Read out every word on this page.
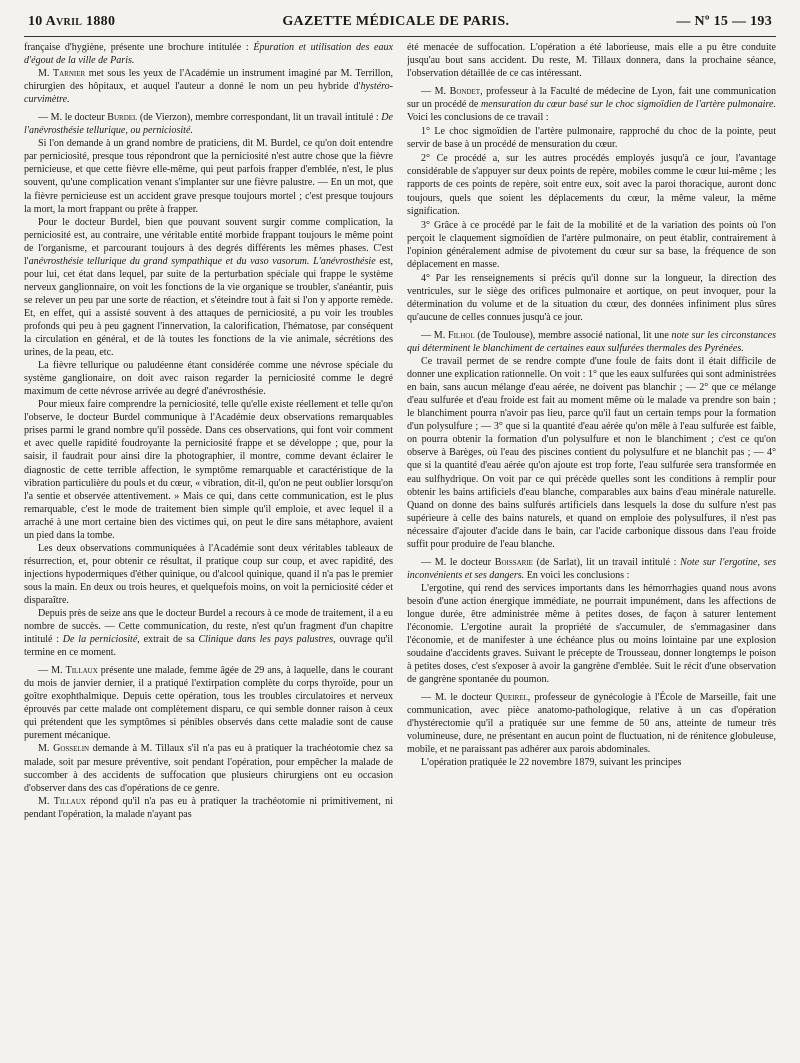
10 Avril 1880	GAZETTE MÉDICALE DE PARIS.	— Nº 15 — 193

française d'hygiène, présente une brochure intitulée : Épuration et utilisation des eaux d'égout de la ville de Paris.

M. Tarnier met sous les yeux de l'Académie un instrument imaginé par M. Terrillon, chirurgien des hôpitaux, et auquel l'auteur a donné le nom un peu hybride d'hystéro-curvimètre.

— M. le docteur Burdel (de Vierzon), membre correspondant, lit un travail intitulé : De l'anévrosthésie tellurique, ou perniciosité.

Si l'on demande à un grand nombre de praticiens, dit M. Burdel, ce qu'on doit entendre par perniciosité, presque tous répondront que la perniciosité n'est autre chose que la fièvre pernicieuse, et que cette fièvre elle-même, qui peut parfois frapper d'emblée, n'est, le plus souvent, qu'une complication venant s'implanter sur une fièvre palustre. — En un mot, que la fièvre pernicieuse est un accident grave presque toujours mortel ; c'est presque toujours la mort, la mort frappant ou prête à frapper.

Pour le docteur Burdel, bien que pouvant souvent surgir comme complication, la perniciosité est, au contraire, une véritable entité morbide frappant toujours le même point de l'organisme, et parcourant toujours à des degrés différents les mêmes phases. C'est l'anévrosthésie tellurique du grand sympathique et du vaso vasorum. L'anévrosthésie est, pour lui, cet état dans lequel, par suite de la perturbation spéciale qui frappe le système nerveux ganglionnaire, on voit les fonctions de la vie organique se troubler, s'anéantir, puis se relever un peu par une sorte de réaction, et s'éteindre tout à fait si l'on y apporte remède. Et, en effet, qui a assisté souvent à des attaques de perniciosité, a pu voir les troubles profonds qui peu à peu gagnent l'innervation, la calorification, l'hématose, par conséquent la circulation en général, et de là toutes les fonctions de la vie animale, sécrétions des urines, de la peau, etc.

La fièvre tellurique ou paludéenne étant considérée comme une névrose spéciale du système ganglionaire, on doit avec raison regarder la perniciosité comme le degré maximum de cette névrose arrivée au degré d'anévrosthésie.

Pour mieux faire comprendre la perniciosité, telle qu'elle existe réellement et telle qu'on l'observe, le docteur Burdel communique à l'Académie deux observations remarquables prises parmi le grand nombre qu'il possède. Dans ces observations, qui font voir comment et avec quelle rapidité foudroyante la perniciosité frappe et se développe ; que, pour la saisir, il faudrait pour ainsi dire la photographier, il montre, comme devant éclairer le diagnostic de cette terrible affection, le symptôme remarquable et caractéristique de la vibration particulière du pouls et du cœur, « vibration, dit-il, qu'on ne peut oublier lorsqu'on l'a sentie et observée attentivement. » Mais ce qui, dans cette communication, est le plus remarquable, c'est le mode de traitement bien simple qu'il emploie, et avec lequel il a arraché à une mort certaine bien des victimes qui, on peut le dire sans métaphore, avaient un pied dans la tombe.

Les deux observations communiquées à l'Académie sont deux véritables tableaux de résurrection, et, pour obtenir ce résultat, il pratique coup sur coup, et avec rapidité, des injections hypodermiques d'éther quinique, ou d'alcool quinique, quand il n'a pas le premier sous la main. En deux ou trois heures, et quelquefois moins, on voit la perniciosité céder et disparaître.

Depuis près de seize ans que le docteur Burdel a recours à ce mode de traitement, il a eu nombre de succès. — Cette communication, du reste, n'est qu'un fragment d'un chapitre intitulé : De la perniciosité, extrait de sa Clinique dans les pays palustres, ouvrage qu'il termine en ce moment.

— M. Tillaux présente une malade, femme âgée de 29 ans, à laquelle, dans le courant du mois de janvier dernier, il a pratiqué l'extirpation complète du corps thyroïde, pour un goître exophthalmique. Depuis cette opération, tous les troubles circulatoires et nerveux éprouvés par cette malade ont complètement disparu, ce qui semble donner raison à ceux qui prétendent que les symptômes si pénibles observés dans cette maladie sont de cause purement mécanique.

M. Gosselin demande à M. Tillaux s'il n'a pas eu à pratiquer la trachéotomie chez sa malade, soit par mesure préventive, soit pendant l'opération, pour empêcher la malade de succomber à des accidents de suffocation que plusieurs chirurgiens ont eu occasion d'observer dans des cas d'opérations de ce genre.

M. Tillaux répond qu'il n'a pas eu à pratiquer la trachéotomie ni primitivement, ni pendant l'opération, la malade n'ayant pas

été menacée de suffocation. L'opération a été laborieuse, mais elle a pu être conduite jusqu'au bout sans accident. Du reste, M. Tillaux donnera, dans la prochaine séance, l'observation détaillée de ce cas intéressant.

— M. Bondet, professeur à la Faculté de médecine de Lyon, fait une communication sur un procédé de mensuration du cœur basé sur le choc sigmoïdien de l'artère pulmonaire. Voici les conclusions de ce travail :

1° Le choc sigmoïdien de l'artère pulmonaire, rapproché du choc de la pointe, peut servir de base à un procédé de mensuration du cœur.

2° Ce procédé a, sur les autres procédés employés jusqu'à ce jour, l'avantage considérable de s'appuyer sur deux points de repère, mobiles comme le cœur lui-même ; les rapports de ces points de repère, soit entre eux, soit avec la paroi thoracique, auront donc toujours, quels que soient les déplacements du cœur, la même valeur, la même signification.

3° Grâce à ce procédé par le fait de la mobilité et de la variation des points où l'on perçoit le claquement sigmoïdien de l'artère pulmonaire, on peut établir, contrairement à l'opinion généralement admise de pivotement du cœur sur sa base, la fréquence de son déplacement en masse.

4° Par les renseignements si précis qu'il donne sur la longueur, la direction des ventricules, sur le siège des orifices pulmonaire et aortique, on peut invoquer, pour la détermination du volume et de la situation du cœur, des données infiniment plus sûres qu'aucune de celles connues jusqu'à ce jour.

— M. Filhol (de Toulouse), membre associé national, lit une note sur les circonstances qui déterminent le blanchiment de certaines eaux sulfurées thermales des Pyrénées.

Ce travail permet de se rendre compte d'une foule de faits dont il était difficile de donner une explication rationnelle. On voit : 1° que les eaux sulfurées qui sont administrées en bain, sans aucun mélange d'eau aérée, ne doivent pas blanchir ; — 2° que ce mélange d'eau sulfurée et d'eau froide est fait au moment même où le malade va prendre son bain ; le blanchiment pourra n'avoir pas lieu, parce qu'il faut un certain temps pour la formation d'un polysulfure ; — 3° que si la quantité d'eau aérée qu'on mêle à l'eau sulfurée est faible, on pourra obtenir la formation d'un polysulfure et non le blanchiment ; c'est ce qu'on observe à Barèges, où l'eau des piscines contient du polysulfure et ne blanchit pas ; — 4° que si la quantité d'eau aérée qu'on ajoute est trop forte, l'eau sulfurée sera transformée en eau sulfhydrique. On voit par ce qui précède quelles sont les conditions à remplir pour obtenir les bains artificiels d'eau blanche, comparables aux bains d'eau minérale naturelle. Quand on donne des bains sulfurés artificiels dans lesquels la dose du sulfure n'est pas supérieure à celle des bains naturels, et quand on emploie des polysulfures, il n'est pas nécessaire d'ajouter d'acide dans le bain, car l'acide carbonique dissous dans l'eau froide suffit pour produire de l'eau blanche.

— M. le docteur Boissarie (de Sarlat), lit un travail intitulé : Note sur l'ergotine, ses inconvénients et ses dangers. En voici les conclusions :

L'ergotine, qui rend des services importants dans les hémorrhagies quand nous avons besoin d'une action énergique immédiate, ne pourrait impunément, dans les affections de longue durée, être administrée même à petites doses, de façon à saturer lentement l'économie. L'ergotine aurait la propriété de s'accumuler, de s'emmagasiner dans l'économie, et de manifester à une échéance plus ou moins lointaine par une explosion soudaine d'accidents graves. Suivant le précepte de Trousseau, donner longtemps le poison à petites doses, c'est s'exposer à avoir la gangrène d'emblée. Suit le récit d'une observation de gangrène spontanée du poumon.

— M. le docteur Queirel, professeur de gynécologie à l'École de Marseille, fait une communication, avec pièce anatomo-pathologique, relative à un cas d'opération d'hystérectomie qu'il a pratiquée sur une femme de 50 ans, atteinte de tumeur très volumineuse, dure, ne présentant en aucun point de fluctuation, ni de rénitence globuleuse, mobile, et ne paraissant pas adhérer aux parois abdominales.

L'opération pratiquée le 22 novembre 1879, suivant les principes
